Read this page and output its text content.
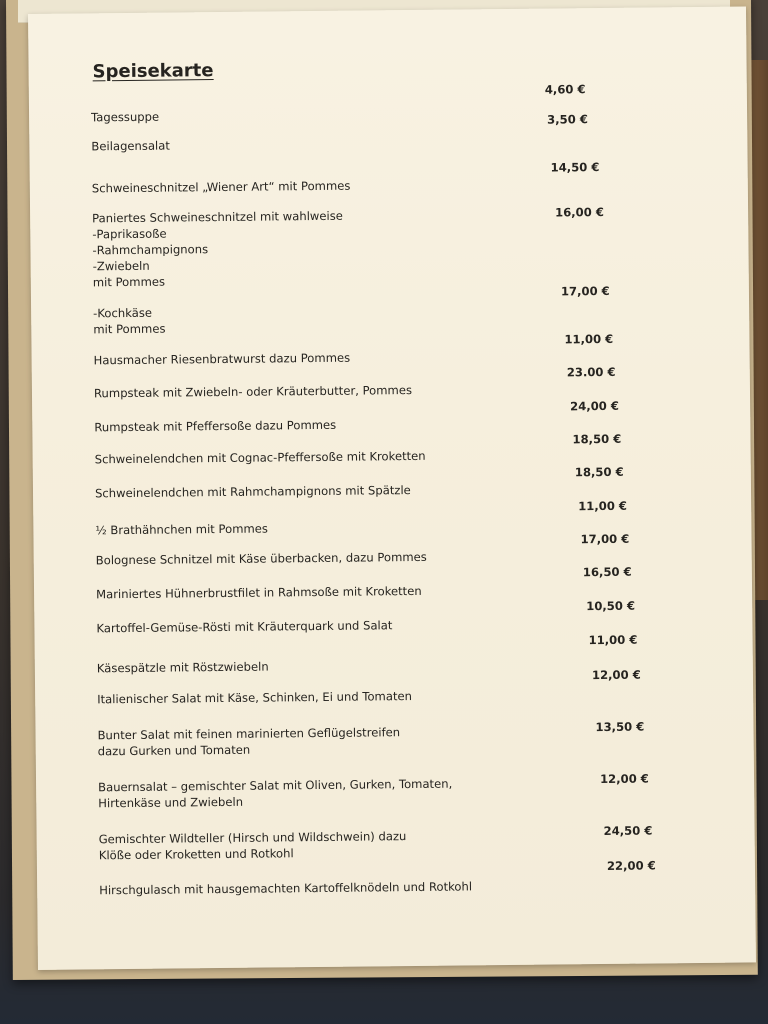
Speisekarte
Tagessuppe
4,60 €
Beilagensalat
3,50 €
Schweineschnitzel „Wiener Art“ mit Pommes
14,50 €
Paniertes Schweineschnitzel mit wahlweise
-Paprikasoße
-Rahmchampignons
-Zwiebeln
mit Pommes
16,00 €
-Kochkäse
mit Pommes
17,00 €
Hausmacher Riesenbratwurst dazu Pommes
11,00 €
Rumpsteak mit Zwiebeln- oder Kräuterbutter, Pommes
23.00 €
Rumpsteak mit Pfeffersoße dazu Pommes
24,00 €
Schweinelendchen mit Cognac-Pfeffersoße mit Kroketten
18,50 €
Schweinelendchen mit Rahmchampignons mit Spätzle
18,50 €
½ Brathähnchen mit Pommes
11,00 €
Bolognese Schnitzel mit Käse überbacken, dazu Pommes
17,00 €
Mariniertes Hühnerbrustfilet in Rahmsoße mit Kroketten
16,50 €
Kartoffel-Gemüse-Rösti mit Kräuterquark und Salat
10,50 €
Käsespätzle mit Röstzwiebeln
11,00 €
Italienischer Salat mit Käse, Schinken, Ei und Tomaten
12,00 €
Bunter Salat mit feinen marinierten Geflügelstreifen
dazu Gurken und Tomaten
13,50 €
Bauernsalat – gemischter Salat mit Oliven, Gurken, Tomaten,
Hirtenkäse und Zwiebeln
12,00 €
Gemischter Wildteller (Hirsch und Wildschwein) dazu
Klöße oder Kroketten und Rotkohl
24,50 €
Hirschgulasch mit hausgemachten Kartoffelknödeln und Rotkohl
22,00 €
